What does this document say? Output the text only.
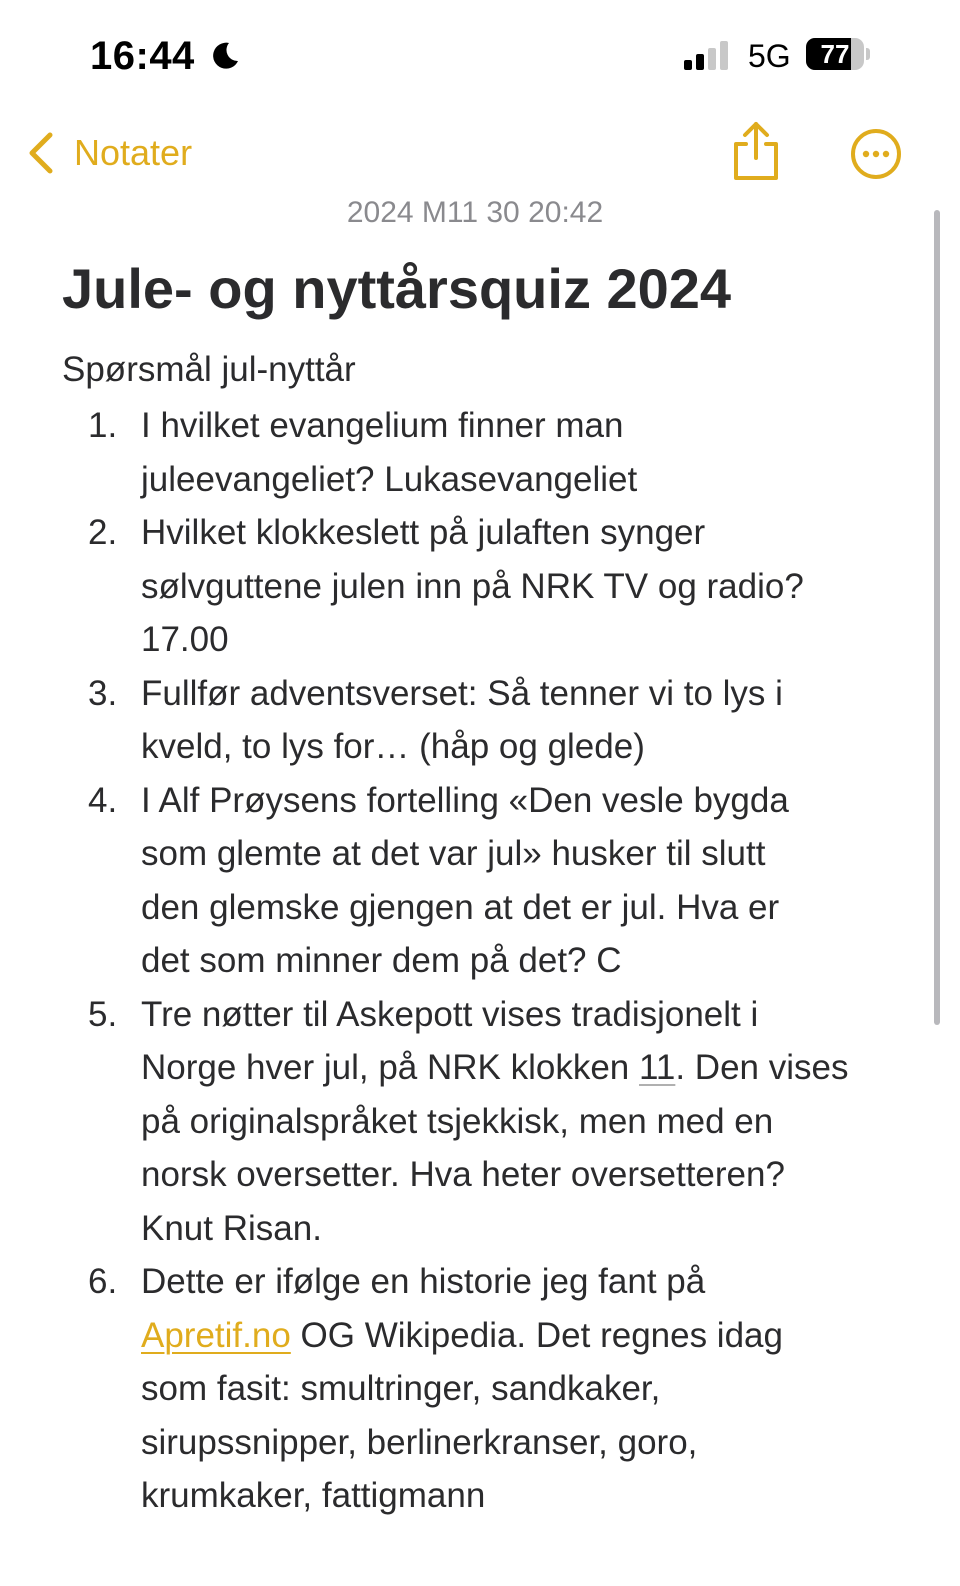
16:44	5G	77
Notater
2024 M11 30 20:42
Jule- og nyttårsquiz 2024
Spørsmål jul-nyttår
1. I hvilket evangelium finner man
juleevangeliet? Lukasevangeliet
2. Hvilket klokkeslett på julaften synger
sølvguttene julen inn på NRK TV og radio?
17.00
3. Fullfør adventsverset: Så tenner vi to lys i
kveld, to lys for… (håp og glede)
4. I Alf Prøysens fortelling «Den vesle bygda
som glemte at det var jul» husker til slutt
den glemske gjengen at det er jul. Hva er
det som minner dem på det? C
5. Tre nøtter til Askepott vises tradisjonelt i
Norge hver jul, på NRK klokken 11. Den vises
på originalspråket tsjekkisk, men med en
norsk oversetter. Hva heter oversetteren?
Knut Risan.
6. Dette er ifølge en historie jeg fant på
Apretif.no OG Wikipedia. Det regnes idag
som fasit: smultringer, sandkaker,
sirupssnipper, berlinerkranser, goro,
krumkaker, fattigmann
